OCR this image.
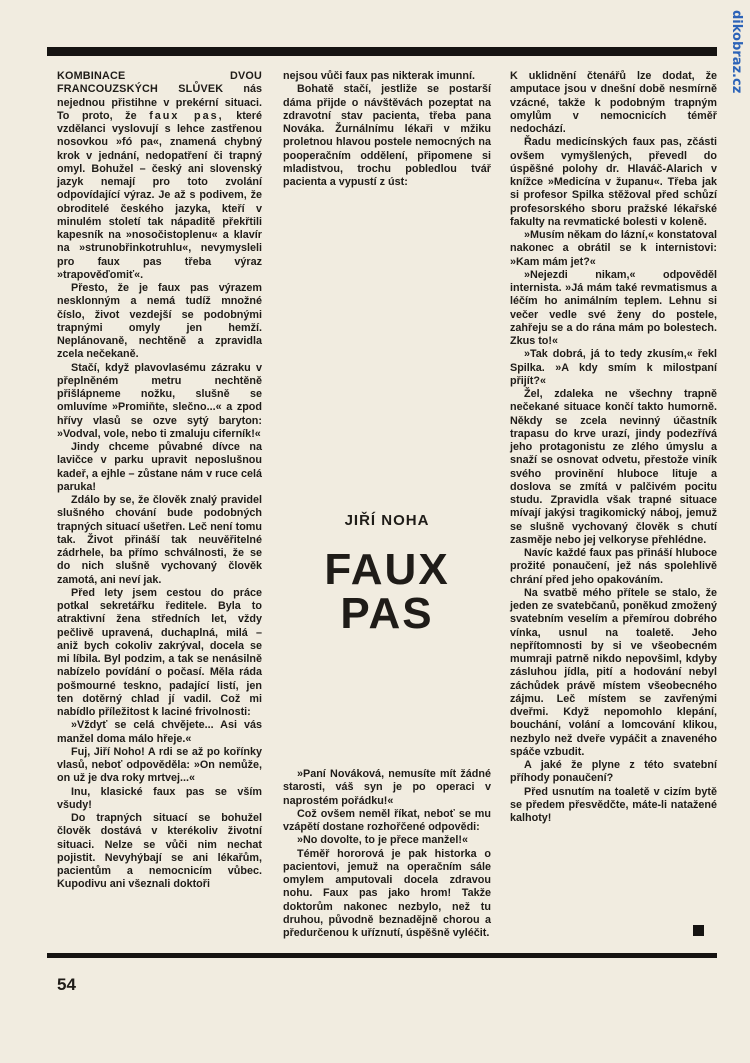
dikobraz.cz

KOMBINACE DVOU FRANCOUZSKÝCH SLŮVEK nás nejednou přistihne v prekérní situaci. To proto, že faux pas, které vzdělanci vyslovují s lehce zastřenou nosovkou »fó pa«, znamená chybný krok v jednání, nedopatření či trapný omyl. Bohužel – český ani slovenský jazyk nemají pro toto zvolání odpovídající výraz. Je až s podivem, že obroditelé českého jazyka, kteří v minulém století tak nápaditě překřtili kapesník na »nosočistoplenu« a klavír na »strunobřinkotruhlu«, nevymysleli pro faux pas třeba výraz »trapověďomiť«.

Přesto, že je faux pas výrazem nesklonným a nemá tudíž množné číslo, život vezdejší se podobnými trapnými omyly jen hemží. Neplánovaně, nechtěně a zpravidla zcela nečekaně.

Stačí, když plavovlasému zázraku v přeplněném metru nechtěně přišlápneme nožku, slušně se omluvíme »Promiňte, slečno...« a zpod hřívy vlasů se ozve sytý baryton: »Vodval, vole, nebo ti zmaluju ciferník!«

Jindy chceme půvabné dívce na lavičce v parku upravit neposlušnou kadeř, a ejhle – zůstane nám v ruce celá paruka!

Zdálo by se, že člověk znalý pravidel slušného chování bude podobných trapných situací ušetřen. Leč není tomu tak. Život přináší tak neuvěřitelné zádrhele, ba přímo schválnosti, že se do nich slušně vychovaný člověk zamotá, ani neví jak.

Před lety jsem cestou do práce potkal sekretářku ředitele. Byla to atraktivní žena středních let, vždy pečlivě upravená, duchaplná, milá – aniž bych cokoliv zakrýval, docela se mi líbila. Byl podzim, a tak se nenásilně nabízelo povídání o počasí. Měla ráda pošmourné teskno, padající listí, jen ten dotěrný chlad jí vadil. Což mi nabídlo příležitost k laciné frivolnosti:

»Vždyť se celá chvějete... Asi vás manžel doma málo hřeje.«

Fuj, Jiří Noho! A rdi se až po kořínky vlasů, neboť odpověděla: »On nemůže, on už je dva roky mrtvej...«

Inu, klasické faux pas se vším všudy!

Do trapných situací se bohužel člověk dostává v kterékoliv životní situaci. Nelze se vůči nim nechat pojistit. Nevyhýbají se ani lékařům, pacientům a nemocnicím vůbec. Kupodivu ani všeznali doktoři

nejsou vůči faux pas nikterak imunní.

Bohatě stačí, jestliže se postarší dáma přijde o návštěvách pozeptat na zdravotní stav pacienta, třeba pana Nováka. Žurnálnímu lékaři v mžiku proletnou hlavou postele nemocných na pooperačním oddělení, připomene si mladistvou, trochu pobledlou tvář pacienta a vypustí z úst:

JIŘÍ NOHA
FAUX
PAS

»Paní Nováková, nemusíte mít žádné starosti, váš syn je po operaci v naprostém pořádku!«

Což ovšem neměl říkat, neboť se mu vzápětí dostane rozhořčené odpovědi:

»No dovolte, to je přece manžel!«

Téměř hororová je pak historka o pacientovi, jemuž na operačním sále omylem amputovali docela zdravou nohu. Faux pas jako hrom! Takže doktorům nakonec nezbylo, než tu druhou, původně beznadějně chorou a předurčenou k uříznutí, úspěšně vyléčit.

K uklidnění čtenářů lze dodat, že amputace jsou v dnešní době nesmírně vzácné, takže k podobným trapným omylům v nemocnicích téměř nedochází.

Řadu medicínských faux pas, zčásti ovšem vymyšlených, převedl do úspěšné polohy dr. Hlaváč-Alarich v knížce »Medicína v županu«. Třeba jak si profesor Spilka stěžoval před schůzí profesorského sboru pražské lékařské fakulty na revmatické bolesti v koleně.

»Musím někam do lázní,« konstatoval nakonec a obrátil se k internistovi: »Kam mám jet?«

»Nejezdi nikam,« odpověděl internista. »Já mám také revmatismus a léčím ho animálním teplem. Lehnu si večer vedle své ženy do postele, zahřeju se a do rána mám po bolestech. Zkus to!«

»Tak dobrá, já to tedy zkusím,« řekl Spilka. »A kdy smím k milostpaní přijít?«

Žel, zdaleka ne všechny trapně nečekané situace končí takto humorně. Někdy se zcela nevinný účastník trapasu do krve urazí, jindy podezřívá jeho protagonistu ze zlého úmyslu a snaží se osnovat odvetu, přestože viník svého provinění hluboce lituje a doslova se zmítá v palčivém pocitu studu. Zpravidla však trapné situace mívají jakýsi tragikomický náboj, jemuž se slušně vychovaný člověk s chutí zasměje nebo jej velkoryse přehlédne.

Navíc každé faux pas přináší hluboce prožité ponaučení, jež nás spolehlivě chrání před jeho opakováním.

Na svatbě mého přítele se stalo, že jeden ze svatebčanů, poněkud zmožený svatebním veselím a přemírou dobrého vínka, usnul na toaletě. Jeho nepřítomnosti by si ve všeobecném mumraji patrně nikdo nepovšiml, kdyby zásluhou jídla, pití a hodování nebyl záchůdek právě místem všeobecného zájmu. Leč místem se zavřenými dveřmi. Když nepomohlo klepání, bouchání, volání a lomcování klikou, nezbylo než dveře vypáčit a znaveného spáče vzbudit.

A jaké že plyne z této svatební příhody ponaučení?

Před usnutím na toaletě v cizím bytě se předem přesvědčte, máte-li natažené kalhoty!

54
